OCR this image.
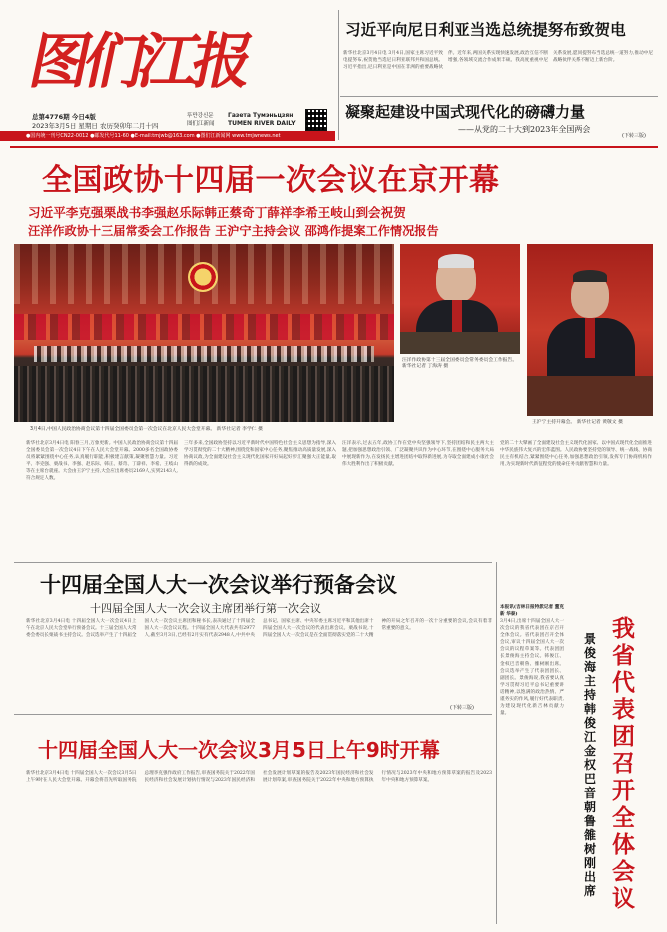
图们江报
总第4776期 今日4版
2023年3月5日 星期日 农历癸卯年二月十四
뚜만강신문
图们江新闻
Газета Тумэньцзян
TUMEN RIVER DAILY
●国内统一刊号CN22-0012 ●邮发代号11-60 ●E-mail:tmjwb@163.com ●图们江新闻网 www.tmjwnews.net
习近平向尼日利亚当选总统提努布致贺电
新华社北京3月4日电 3月4日,国家主席习近平致电提努布,祝贺他当选尼日利亚联邦共和国总统。习近平指出,尼日利亚是中国在非洲的重要战略伙伴。近年来,两国关系实现快速发展,政治互信不断增强,各领域交流合作成果丰硕。我高度重视中尼关系发展,愿同提努布当选总统一道努力,推动中尼战略伙伴关系不断迈上新台阶。
凝聚起建设中国式现代化的磅礴力量
——从党的二十大到2023年全国两会
(下转三版)
全国政协十四届一次会议在京开幕
习近平李克强栗战书李强赵乐际韩正蔡奇丁薛祥李希王岐山到会祝贺
汪洋作政协十三届常委会工作报告 王沪宁主持会议 邵鸿作提案工作情况报告
3月4日,中国人民政治协商会议第十四届全国委员会第一次会议在北京人民大会堂开幕。 新华社记者 李学仁 摄
汪洋作政协第十三届全国委员会常务委员会工作报告。 新华社记者 丁海涛 摄
王沪宁主持开幕会。 新华社记者 黄敬文 摄
新华社北京3月4日电 阳春三月,万象更新。中国人民政治协商会议第十四届全国委员会第一次会议4日下午在人民大会堂开幕。2000多名全国政协委员将紧紧围绕中心任务,认真履行职能,积极建言献策,凝聚智慧力量。习近平、李克强、栗战书、李强、赵乐际、韩正、蔡奇、丁薛祥、李希、王岐山等在主席台就座。大会由王沪宁主持,大会应出席委员2169人,实到2143人,符合规定人数。
三年多来,全国政协坚持以习近平新时代中国特色社会主义思想为指导,深入学习贯彻党的二十大精神,围绕党和国家中心任务,聚焦推动高质量发展,深入协商议政,为全面建设社会主义现代化国家开好局起好步汇聚强大正能量,取得新的成效。
汪洋表示,过去五年,政协工作在党中央坚强领导下,坚持团结和民主两大主题,把加强思想政治引领、广泛凝聚共识作为中心环节,在围绕中心服务大局中展现新作为,在发扬民主增进团结中取得新进展,为夺取全面建成小康社会伟大胜利作出了积极贡献。
党的二十大擘画了全面建设社会主义现代化国家、以中国式现代化全面推进中华民族伟大复兴的宏伟蓝图。人民政协要坚持党的领导、统一战线、协商民主有机结合,紧紧围绕中心任务,加强思想政治引领,发挥专门协商机构作用,为实现新时代新征程党的使命任务贡献智慧和力量。
十四届全国人大一次会议举行预备会议
十四届全国人大一次会议主席团举行第一次会议
新华社北京3月4日电 十四届全国人大一次会议4日上午在北京人民大会堂举行预备会议。十三届全国人大常委会委员长栗战书主持会议。会议选举产生了十四届全国人大一次会议主席团和秘书长,表决通过了十四届全国人大一次会议议程。十四届全国人大代表共有2977人,截至3月3日,已经有2月实有代表2948人,中共中央总书记、国家主席、中央军委主席习近平和其他出席十四届全国人大一次会议的代表出席会议。栗战书说,十四届全国人大一次会议是在全面贯彻落实党的二十大精神的开局之年召开的一次十分重要的会议,会议有着非常重要的意义。
(下转三版)
十四届全国人大一次会议3月5日上午9时开幕
新华社北京3月4日电 十四届全国人大一次会议3月5日上午9时在人民大会堂开幕。开幕会将首先听取国务院总理李克强作政府工作报告,审查国务院关于2022年国民经济和社会发展计划执行情况与2023年国民经济和社会发展计划草案的报告及2023年国民经济和社会发展计划草案,审查国务院关于2022年中央和地方预算执行情况与2023年中央和地方预算草案的报告及2023年中央和地方预算草案。
本报讯(吉林日报特派记者 董克新 华泰)
3月4日,出席十四届全国人大一次会议的我省代表团在京召开全体会议。省代表团召开全体会议,审议十四届全国人大一次会议的议程草案等。代表团团长景俊海主持会议。韩俊江、金权巴音朝鲁、雒树刚出席。会议选举产生了代表团团长、副团长。景俊海说,我省要认真学习贯彻习近平总书记重要讲话精神,以饱满的政治热情、严谨务实的作风,履行好代表职责,为建设现代化新吉林贡献力量。
我省代表团召开全体会议
景俊海主持 韩俊江金权巴音朝鲁雒树刚出席
